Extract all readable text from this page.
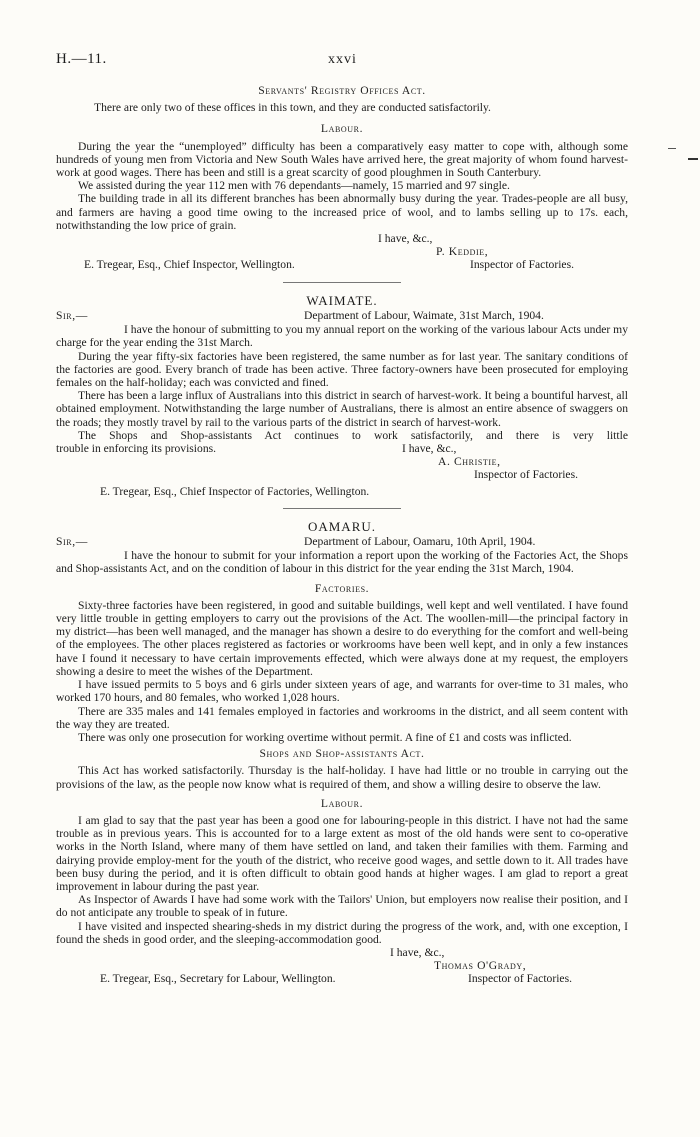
H.—11.	xxvi
Servants' Registry Offices Act.

There are only two of these offices in this town, and they are conducted satisfactorily.

Labour.

During the year the “unemployed” difficulty has been a comparatively easy matter to cope with, although some hundreds of young men from Victoria and New South Wales have arrived here, the great majority of whom found harvest-work at good wages. There has been and still is a great scarcity of good ploughmen in South Canterbury.

We assisted during the year 112 men with 76 dependants—namely, 15 married and 97 single.

The building trade in all its different branches has been abnormally busy during the year. Trades-people are all busy, and farmers are having a good time owing to the increased price of wool, and to lambs selling up to 17s. each, notwithstanding the low price of grain.

I have, &c.,
P. Keddie,
E. Tregear, Esq., Chief Inspector, Wellington.	Inspector of Factories.
WAIMATE.
Sir,—	Department of Labour, Waimate, 31st March, 1904.

I have the honour of submitting to you my annual report on the working of the various labour Acts under my charge for the year ending the 31st March.

During the year fifty-six factories have been registered, the same number as for last year. The sanitary conditions of the factories are good. Every branch of trade has been active. Three factory-owners have been prosecuted for employing females on the half-holiday; each was convicted and fined.

There has been a large influx of Australians into this district in search of harvest-work. It being a bountiful harvest, all obtained employment. Notwithstanding the large number of Australians, there is almost an entire absence of swaggers on the roads; they mostly travel by rail to the various parts of the district in search of harvest-work.

The Shops and Shop-assistants Act continues to work satisfactorily, and there is very little

trouble in enforcing its provisions.	I have, &c.,
A. Christie,
Inspector of Factories.
E. Tregear, Esq., Chief Inspector of Factories, Wellington.
OAMARU.
Sir,—	Department of Labour, Oamaru, 10th April, 1904.

I have the honour to submit for your information a report upon the working of the Factories Act, the Shops and Shop-assistants Act, and on the condition of labour in this district for the year ending the 31st March, 1904.

Factories.

Sixty-three factories have been registered, in good and suitable buildings, well kept and well ventilated. I have found very little trouble in getting employers to carry out the provisions of the Act. The woollen-mill—the principal factory in my district—has been well managed, and the manager has shown a desire to do everything for the comfort and well-being of the employees. The other places registered as factories or workrooms have been well kept, and in only a few instances have I found it necessary to have certain improvements effected, which were always done at my request, the employers showing a desire to meet the wishes of the Department.

I have issued permits to 5 boys and 6 girls under sixteen years of age, and warrants for over-time to 31 males, who worked 170 hours, and 80 females, who worked 1,028 hours.

There are 335 males and 141 females employed in factories and workrooms in the district, and all seem content with the way they are treated.

There was only one prosecution for working overtime without permit. A fine of £1 and costs was inflicted.

Shops and Shop-assistants Act.

This Act has worked satisfactorily. Thursday is the half-holiday. I have had little or no trouble in carrying out the provisions of the law, as the people now know what is required of them, and show a willing desire to observe the law.

Labour.

I am glad to say that the past year has been a good one for labouring-people in this district. I have not had the same trouble as in previous years. This is accounted for to a large extent as most of the old hands were sent to co-operative works in the North Island, where many of them have settled on land, and taken their families with them. Farming and dairying provide employ-ment for the youth of the district, who receive good wages, and settle down to it. All trades have been busy during the period, and it is often difficult to obtain good hands at higher wages. I am glad to report a great improvement in labour during the past year.

As Inspector of Awards I have had some work with the Tailors' Union, but employers now realise their position, and I do not anticipate any trouble to speak of in future.

I have visited and inspected shearing-sheds in my district during the progress of the work, and, with one exception, I found the sheds in good order, and the sleeping-accommodation good.

I have, &c.,
Thomas O'Grady,
E. Tregear, Esq., Secretary for Labour, Wellington.	Inspector of Factories.
